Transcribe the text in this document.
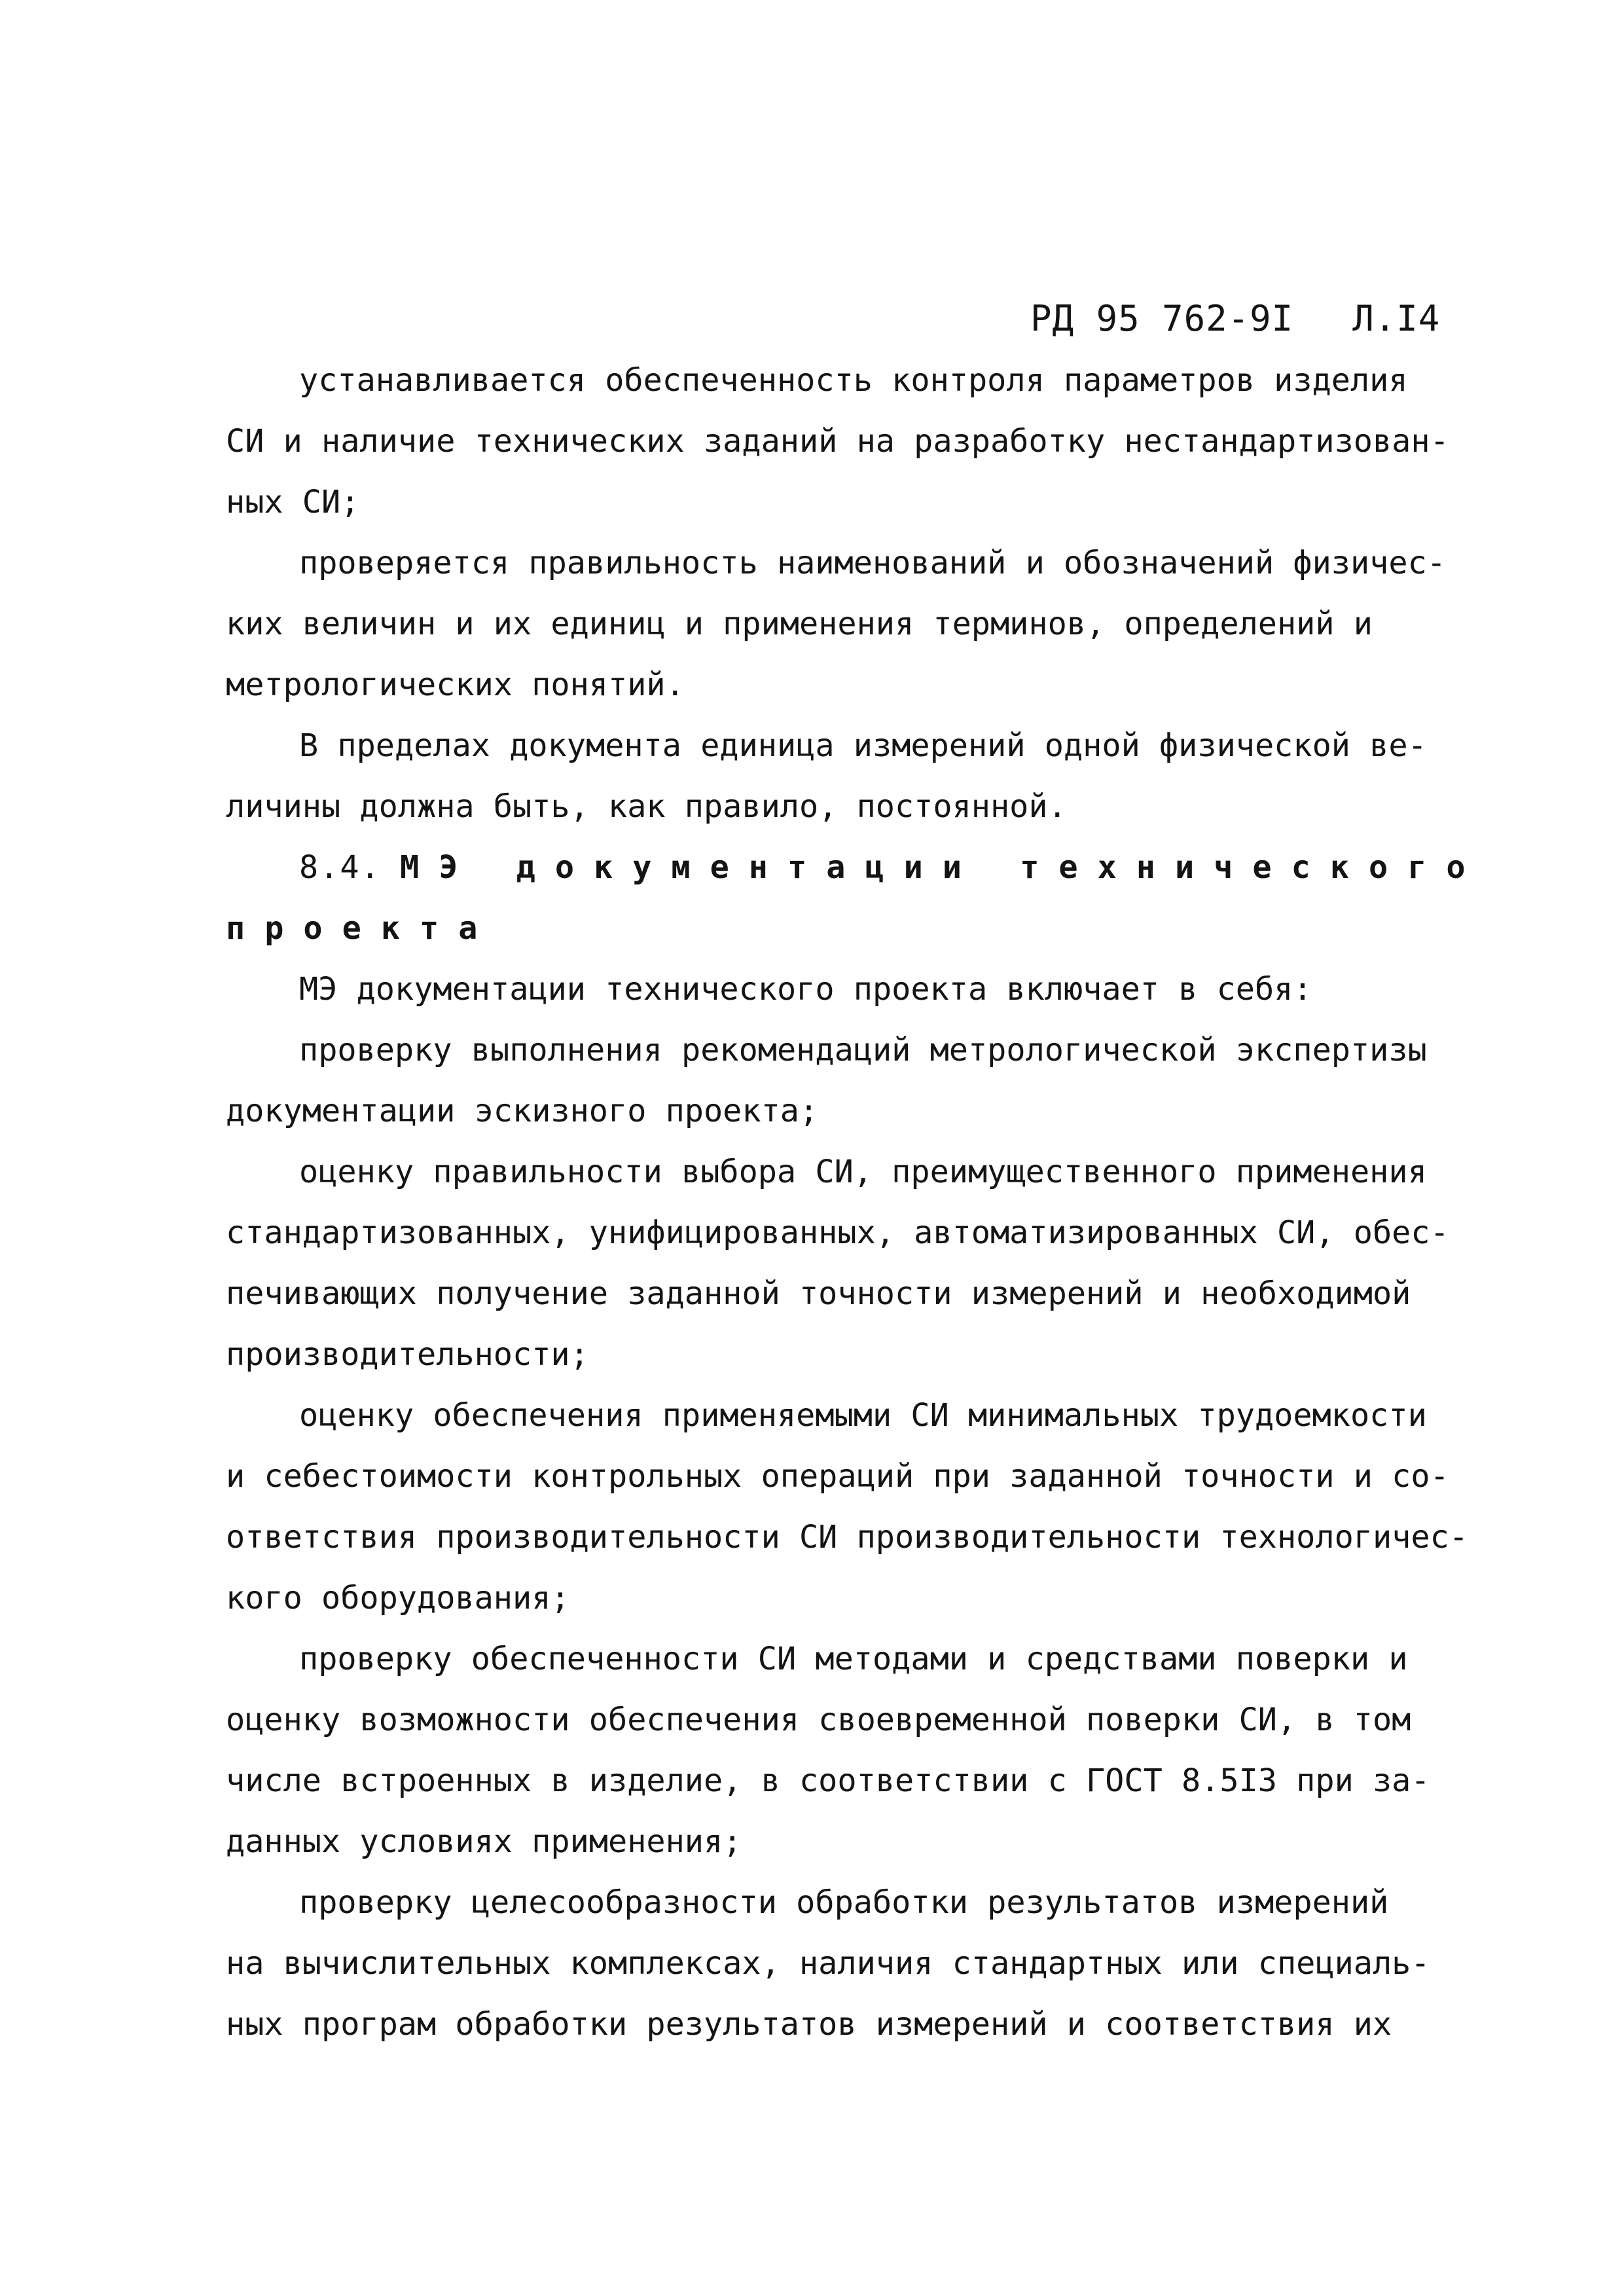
РД 95 762-9I Л.I4

устанавливается обеспеченность контроля параметров изделия
СИ и наличие технических заданий на разработку нестандартизован-
ных СИ;
проверяется правильность наименований и обозначений физичес-
ких величин и их единиц и применения терминов, определений и
метрологических понятий.
В пределах документа единица измерений одной физической ве-
личины должна быть, как правило, постоянной.
8.4. МЭ документации технического
проекта
МЭ документации технического проекта включает в себя:
проверку выполнения рекомендаций метрологической экспертизы
документации эскизного проекта;
оценку правильности выбора СИ, преимущественного применения
стандартизованных, унифицированных, автоматизированных СИ, обес-
печивающих получение заданной точности измерений и необходимой
производительности;
оценку обеспечения применяемыми СИ минимальных трудоемкости
и себестоимости контрольных операций при заданной точности и со-
ответствия производительности СИ производительности технологичес-
кого оборудования;
проверку обеспеченности СИ методами и средствами поверки и
оценку возможности обеспечения своевременной поверки СИ, в том
числе встроенных в изделие, в соответствии с ГОСТ 8.5I3 при за-
данных условиях применения;
проверку целесообразности обработки результатов измерений
на вычислительных комплексах, наличия стандартных или специаль-
ных програм обработки результатов измерений и соответствия их
